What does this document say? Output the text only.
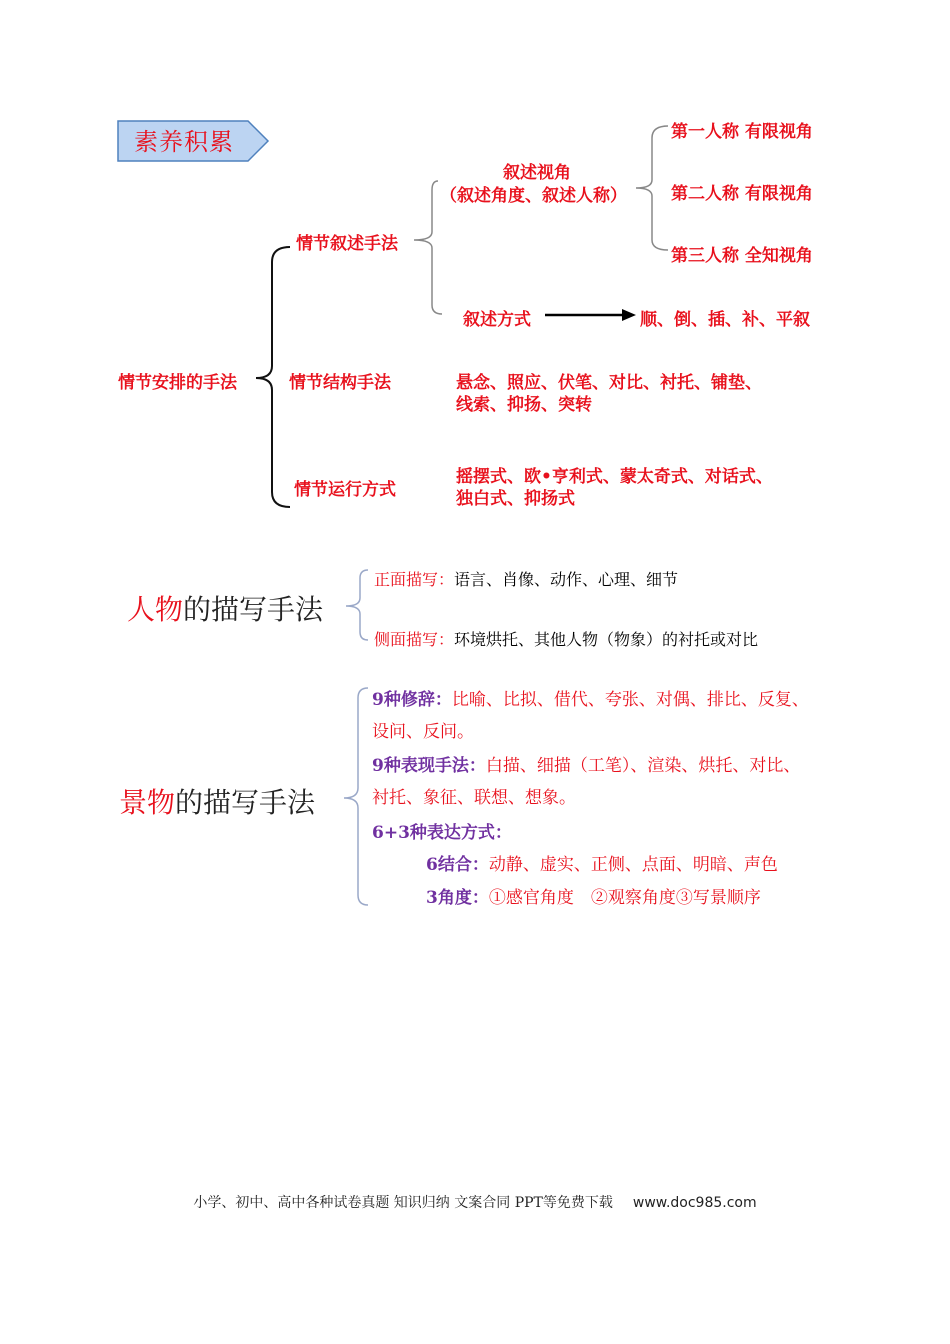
素养积累
情节安排的手法
情节叙述手法
叙述视角
（叙述角度、叙述人称）
第一人称 有限视角
第二人称 有限视角
第三人称 全知视角
叙述方式	顺、倒、插、补、平叙
情节结构手法	悬念、照应、伏笔、对比、衬托、铺垫、
线索、抑扬、突转
情节运行方式
摇摆式、欧•亨利式、蒙太奇式、对话式、
独白式、抑扬式
人物的描写手法
正面描写：语言、肖像、动作、心理、细节
侧面描写：环境烘托、其他人物（物象）的衬托或对比
景物的描写手法
9种修辞：比喻、比拟、借代、夸张、对偶、排比、反复、
设问、反问。
9种表现手法：白描、细描（工笔）、渲染、烘托、对比、
衬托、象征、联想、想象。
6+3种表达方式：
6结合：动静、虚实、正侧、点面、明暗、声色
3角度：①感官角度　②观察角度③写景顺序
小学、初中、高中各种试卷真题 知识归纳 文案合同 PPT等免费下载 www.doc985.com
